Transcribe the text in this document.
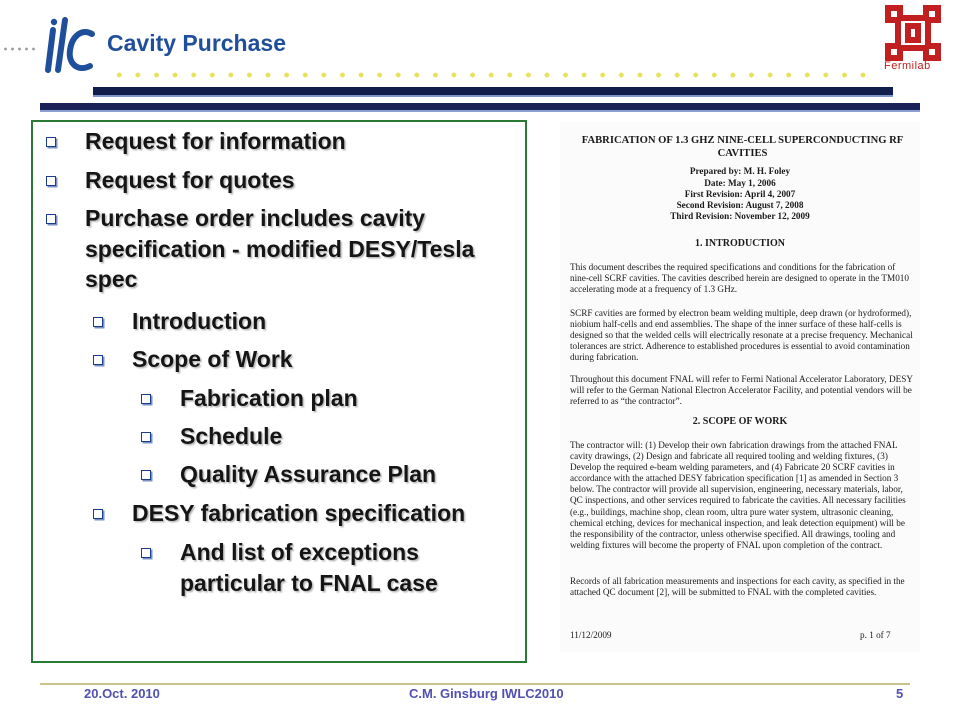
Cavity Purchase
Fermilab
Request for information
Request for quotes
Purchase order includes cavity specification - modified DESY/Tesla spec
Introduction
Scope of Work
Fabrication plan
Schedule
Quality Assurance Plan
DESY fabrication specification
And list of exceptions particular to FNAL case
FABRICATION OF 1.3 GHZ NINE-CELL SUPERCONDUCTING RF CAVITIES
Prepared by: M. H. Foley
Date: May 1, 2006
First Revision: April 4, 2007
Second Revision: August 7, 2008
Third Revision: November 12, 2009
1. INTRODUCTION
This document describes the required specifications and conditions for the fabrication of nine-cell SCRF cavities. The cavities described herein are designed to operate in the TM010 accelerating mode at a frequency of 1.3 GHz.
SCRF cavities are formed by electron beam welding multiple, deep drawn (or hydroformed), niobium half-cells and end assemblies. The shape of the inner surface of these half-cells is designed so that the welded cells will electrically resonate at a precise frequency. Mechanical tolerances are strict. Adherence to established procedures is essential to avoid contamination during fabrication.
Throughout this document FNAL will refer to Fermi National Accelerator Laboratory, DESY will refer to the German National Electron Accelerator Facility, and potential vendors will be referred to as “the contractor”.
2. SCOPE OF WORK
The contractor will: (1) Develop their own fabrication drawings from the attached FNAL cavity drawings, (2) Design and fabricate all required tooling and welding fixtures, (3) Develop the required e-beam welding parameters, and (4) Fabricate 20 SCRF cavities in accordance with the attached DESY fabrication specification [1] as amended in Section 3 below. The contractor will provide all supervision, engineering, necessary materials, labor, QC inspections, and other services required to fabricate the cavities. All necessary facilities (e.g., buildings, machine shop, clean room, ultra pure water system, ultrasonic cleaning, chemical etching, devices for mechanical inspection, and leak detection equipment) will be the responsibility of the contractor, unless otherwise specified. All drawings, tooling and welding fixtures will become the property of FNAL upon completion of the contract.
Records of all fabrication measurements and inspections for each cavity, as specified in the attached QC document [2], will be submitted to FNAL with the completed cavities.
11/12/2009	p. 1 of 7
20.Oct. 2010	C.M. Ginsburg IWLC2010	5
